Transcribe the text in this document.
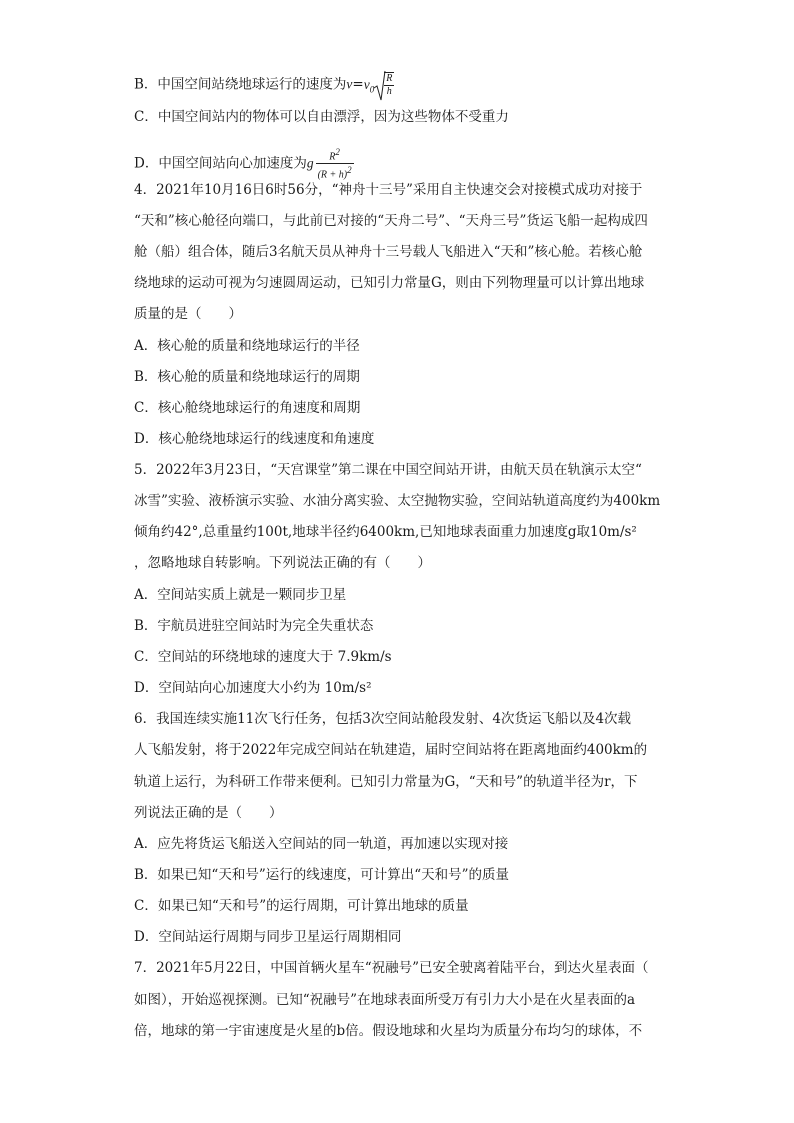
B．中国空间站绕地球运行的速度为$v=v_0 \frac{R}{h}$
C．中国空间站内的物体可以自由漂浮，因为这些物体不受重力
D．中国空间站向心加速度为g $\frac{R^2}{(R + h)^2}$
4．2021年10月16日6时56分，“神舟十三号”采用自主快速交会对接模式成功对接于
“天和”核心舱径向端口，与此前已对接的“天舟二号”、“天舟三号”货运飞船一起构成四
舱（船）组合体，随后3名航天员从神舟十三号载人飞船进入“天和”核心舱。若核心舱
绕地球的运动可视为匀速圆周运动，已知引力常量G，则由下列物理量可以计算出地球
质量的是（　　）
A．核心舱的质量和绕地球运行的半径
B．核心舱的质量和绕地球运行的周期
C．核心舱绕地球运行的角速度和周期
D．核心舱绕地球运行的线速度和角速度
5．2022年3月23日，“天宫课堂”第二课在中国空间站开讲，由航天员在轨演示太空“
冰雪”实验、液桥演示实验、水油分离实验、太空抛物实验，空间站轨道高度约为400km
倾角约42°,总重量约100t,地球半径约6400km,已知地球表面重力加速度g取10m/s²
，忽略地球自转影响。下列说法正确的有（　　）
A．空间站实质上就是一颗同步卫星
B．宇航员进驻空间站时为完全失重状态
C．空间站的环绕地球的速度大于 7.9km/s
D．空间站向心加速度大小约为 10m/s²
6．我国连续实施11次飞行任务，包括3次空间站舱段发射、4次货运飞船以及4次载
人飞船发射，将于2022年完成空间站在轨建造，届时空间站将在距离地面约400km的
轨道上运行，为科研工作带来便利。已知引力常量为G，“天和号”的轨道半径为r，下
列说法正确的是（　　）
A．应先将货运飞船送入空间站的同一轨道，再加速以实现对接
B．如果已知“天和号”运行的线速度，可计算出“天和号”的质量
C．如果已知“天和号”的运行周期，可计算出地球的质量
D．空间站运行周期与同步卫星运行周期相同
7．2021年5月22日，中国首辆火星车“祝融号”已安全驶离着陆平台，到达火星表面（
如图），开始巡视探测。已知“祝融号”在地球表面所受万有引力大小是在火星表面的a
倍，地球的第一宇宙速度是火星的b倍。假设地球和火星均为质量分布均匀的球体，不
